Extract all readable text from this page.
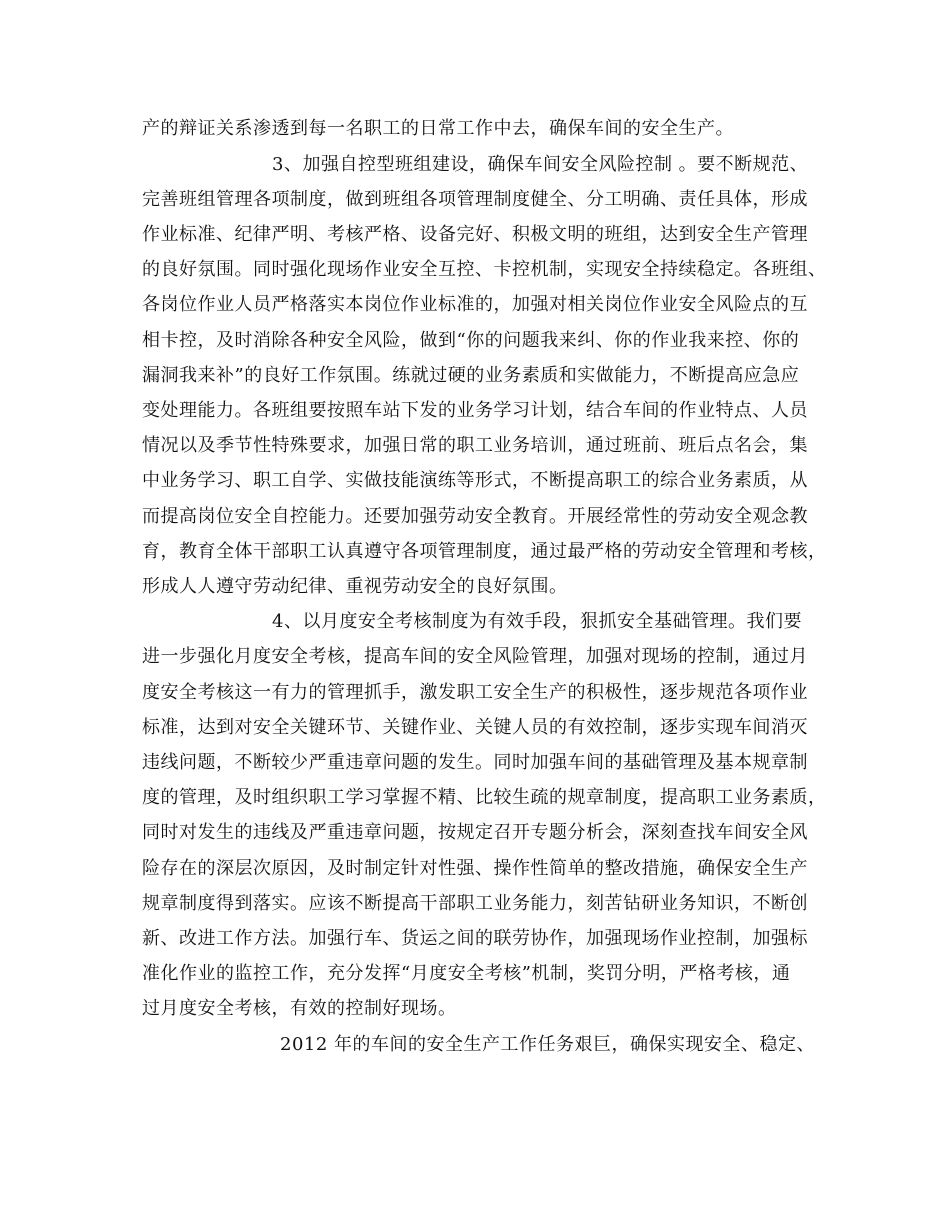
产的辩证关系渗透到每一名职工的日常工作中去，确保车间的安全生产。
3、加强自控型班组建设，确保车间安全风险控制 。要不断规范、
完善班组管理各项制度，做到班组各项管理制度健全、分工明确、责任具体，形成
作业标准、纪律严明、考核严格、设备完好、积极文明的班组，达到安全生产管理
的良好氛围。同时强化现场作业安全互控、卡控机制，实现安全持续稳定。各班组、
各岗位作业人员严格落实本岗位作业标准的，加强对相关岗位作业安全风险点的互
相卡控，及时消除各种安全风险，做到“你的问题我来纠、你的作业我来控、你的
漏洞我来补”的良好工作氛围。练就过硬的业务素质和实做能力，不断提高应急应
变处理能力。各班组要按照车站下发的业务学习计划，结合车间的作业特点、人员
情况以及季节性特殊要求，加强日常的职工业务培训，通过班前、班后点名会，集
中业务学习、职工自学、实做技能演练等形式，不断提高职工的综合业务素质，从
而提高岗位安全自控能力。还要加强劳动安全教育。开展经常性的劳动安全观念教
育，教育全体干部职工认真遵守各项管理制度，通过最严格的劳动安全管理和考核，
形成人人遵守劳动纪律、重视劳动安全的良好氛围。
4、以月度安全考核制度为有效手段，狠抓安全基础管理。我们要
进一步强化月度安全考核，提高车间的安全风险管理，加强对现场的控制，通过月
度安全考核这一有力的管理抓手，激发职工安全生产的积极性，逐步规范各项作业
标准，达到对安全关键环节、关键作业、关键人员的有效控制，逐步实现车间消灭
违线问题，不断较少严重违章问题的发生。同时加强车间的基础管理及基本规章制
度的管理，及时组织职工学习掌握不精、比较生疏的规章制度，提高职工业务素质，
同时对发生的违线及严重违章问题，按规定召开专题分析会，深刻查找车间安全风
险存在的深层次原因，及时制定针对性强、操作性简单的整改措施，确保安全生产
规章制度得到落实。应该不断提高干部职工业务能力，刻苦钻研业务知识，不断创
新、改进工作方法。加强行车、货运之间的联劳协作，加强现场作业控制，加强标
准化作业的监控工作，充分发挥“月度安全考核”机制，奖罚分明，严格考核，通
过月度安全考核，有效的控制好现场。
2012 年的车间的安全生产工作任务艰巨，确保实现安全、稳定、
